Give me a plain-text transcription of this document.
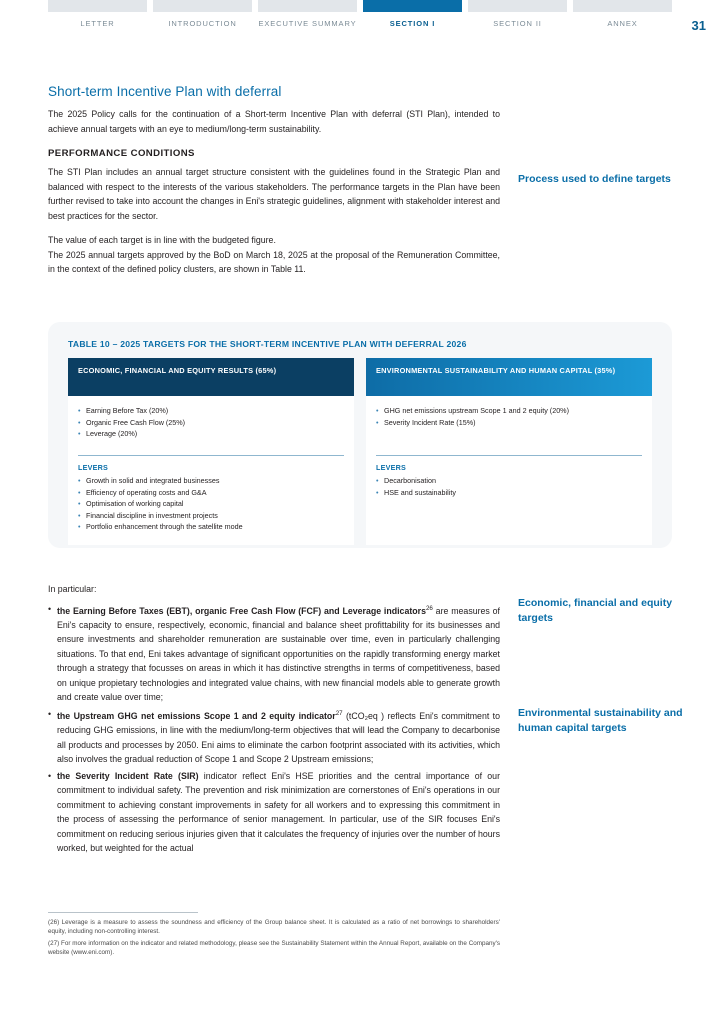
LETTER	INTRODUCTION	EXECUTIVE SUMMARY	SECTION I	SECTION II	ANNEX	31
Short-term Incentive Plan with deferral

The 2025 Policy calls for the continuation of a Short-term Incentive Plan with deferral (STI Plan), intended to achieve annual targets with an eye to medium/long-term sustainability.

PERFORMANCE CONDITIONS

The STI Plan includes an annual target structure consistent with the guidelines found in the Strategic Plan and balanced with respect to the interests of the various stakeholders. The performance targets in the Plan have been further revised to take into account the changes in Eni's strategic guidelines, alignment with stakeholder interest and best practices for the sector.

The value of each target is in line with the budgeted figure.

The 2025 annual targets approved by the BoD on March 18, 2025 at the proposal of the Remuneration Committee, in the context of the defined policy clusters, are shown in Table 11.

Process used to define targets
Economic, financial and equity targets
Environmental sustainability and human capital targets
TABLE 10 – 2025 TARGETS FOR THE SHORT-TERM INCENTIVE PLAN WITH DEFERRAL 2026
ECONOMIC, FINANCIAL AND EQUITY RESULTS (65%)
• Earning Before Tax (20%)
• Organic Free Cash Flow (25%)
• Leverage (20%)
LEVERS
• Growth in solid and integrated businesses
• Efficiency of operating costs and G&A
• Optimisation of working capital
• Financial discipline in investment projects
• Portfolio enhancement through the satellite mode
ENVIRONMENTAL SUSTAINABILITY AND HUMAN CAPITAL (35%)
• GHG net emissions upstream Scope 1 and 2 equity (20%)
• Severity Incident Rate (15%)
LEVERS
• Decarbonisation
• HSE and sustainability
In particular:
• the Earning Before Taxes (EBT), organic Free Cash Flow (FCF) and Leverage indicators$^{26}$ are measures of Eni's capacity to ensure, respectively, economic, financial and balance sheet profittability for its businesses and ensure investments and shareholder remuneration are sustainable over time, even in particularly challenging situations. To that end, Eni takes advantage of significant opportunities on the rapidly transforming energy market through a strategy that focusses on areas in which it has distinctive strengths in terms of competitiveness, based on unique propietary technologies and integrated value chains, with new financial models able to generate growth and create value over time;
• the Upstream GHG net emissions Scope 1 and 2 equity indicator$^{27}$ (tCO₂eq ) reflects Eni's commitment to reducing GHG emissions, in line with the medium/long-term objectives that will lead the Company to decarbonise all products and processes by 2050. Eni aims to eliminate the carbon footprint associated with its activities, which also involves the gradual reduction of Scope 1 and Scope 2 Upstream emissions;
• the Severity Incident Rate (SIR) indicator reflect Eni's HSE priorities and the central importance of our commitment to individual safety. The prevention and risk minimization are cornerstones of Eni's operations in our commitment to achieving constant improvements in safety for all workers and to expressing this commitment in the process of assessing the performance of senior management. In particular, use of the SIR focuses Eni's commitment on reducing serious injuries given that it calculates the frequency of injuries over the number of hours worked, but weighted for the actual
(26) Leverage is a measure to assess the soundness and efficiency of the Group balance sheet. It is calculated as a ratio of net borrowings to shareholders' equity, including non-controlling interest.
(27) For more information on the indicator and related methodology, please see the Sustainability Statement within the Annual Report, available on the Company's website (www.eni.com).
